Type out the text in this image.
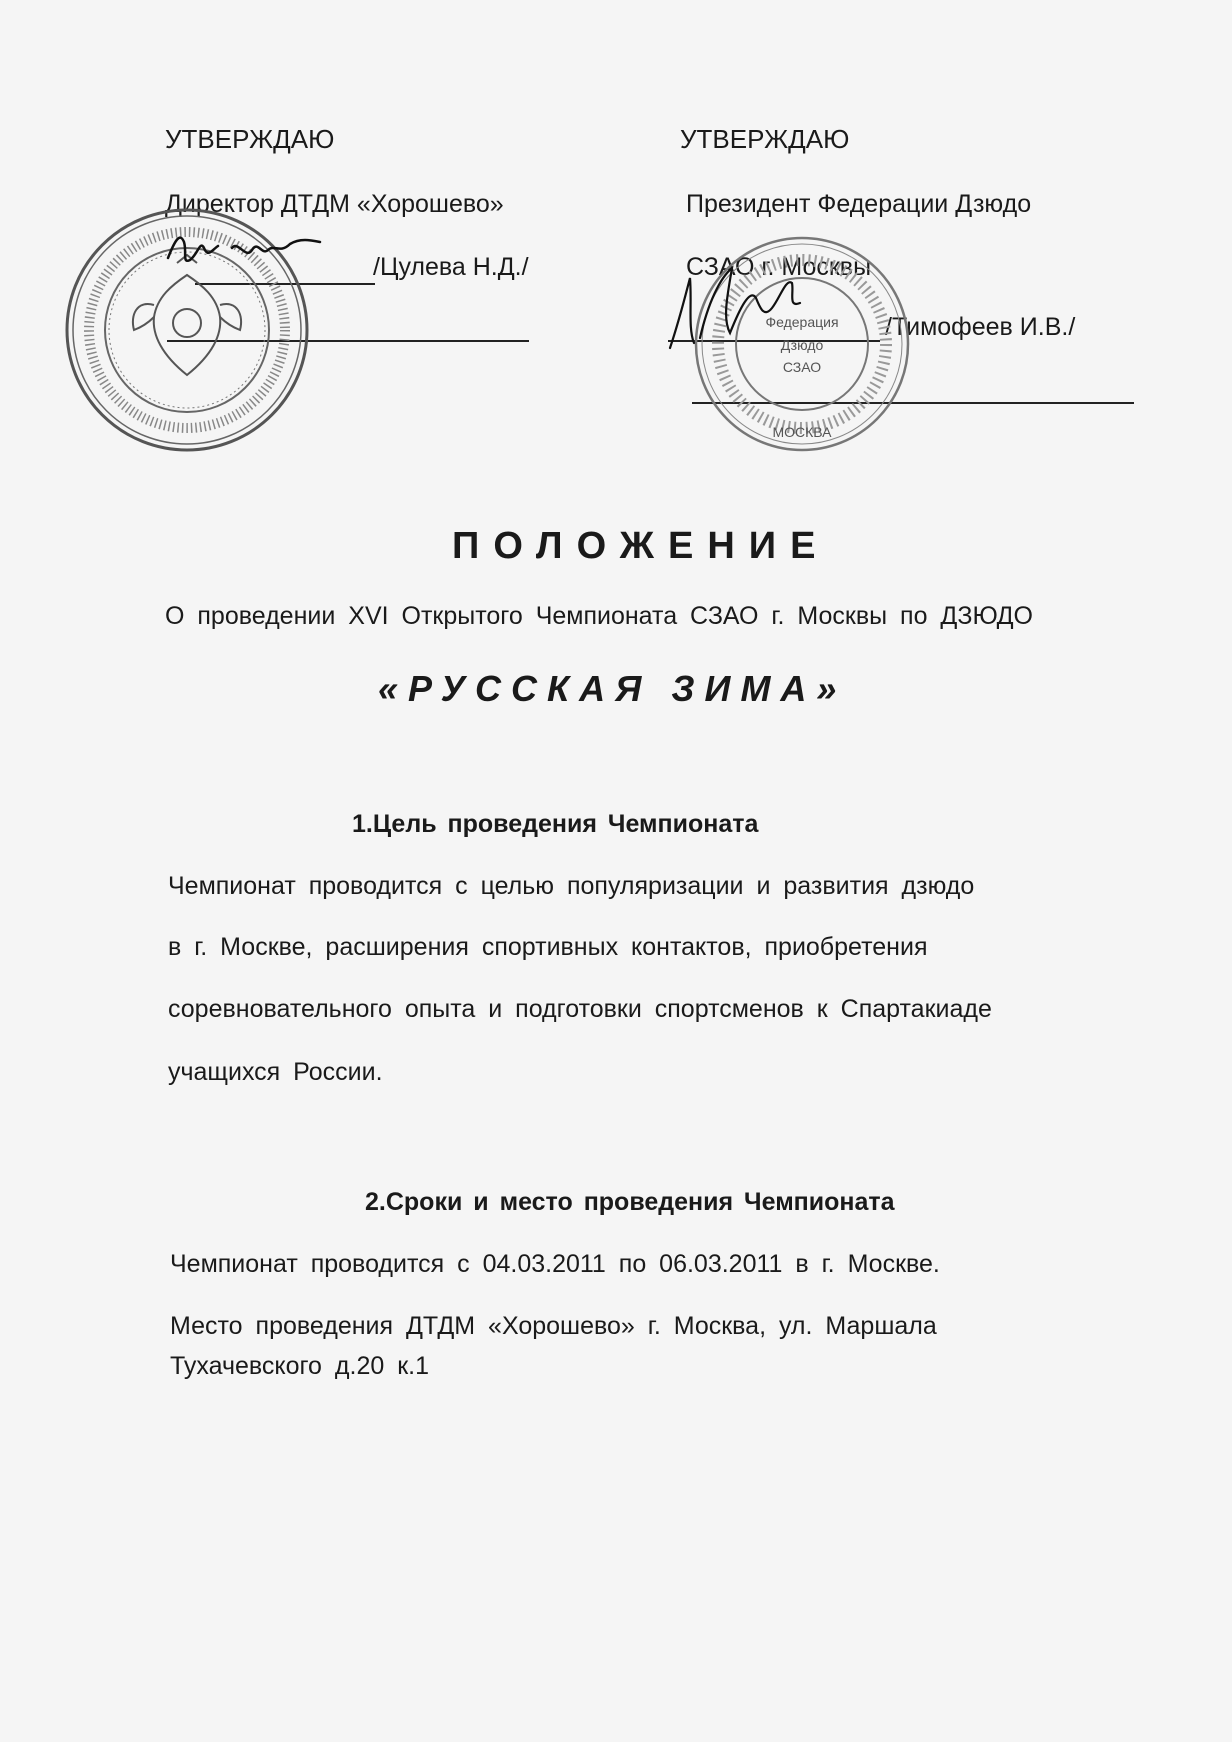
УТВЕРЖДАЮ
Директор ДТДМ «Хорошево»
/Цулева Н.Д./
УТВЕРЖДАЮ
Президент Федерации Дзюдо
СЗАО г. Москвы
/Тимофеев И.В./
Федерация
Дзюдо
СЗАО
МОСКВА
ПОЛОЖЕНИЕ
О проведении XVI Открытого Чемпионата СЗАО г. Москвы по ДЗЮДО
«РУССКАЯ ЗИМА»
1.Цель проведения Чемпионата
Чемпионат проводится с целью популяризации и развития дзюдо
в г. Москве, расширения спортивных контактов, приобретения
соревновательного опыта и подготовки спортсменов к Спартакиаде
учащихся России.
2.Сроки и место проведения Чемпионата
Чемпионат проводится с 04.03.2011 по 06.03.2011 в г. Москве.
Место проведения ДТДМ «Хорошево» г. Москва, ул. Маршала
Тухачевского д.20 к.1
